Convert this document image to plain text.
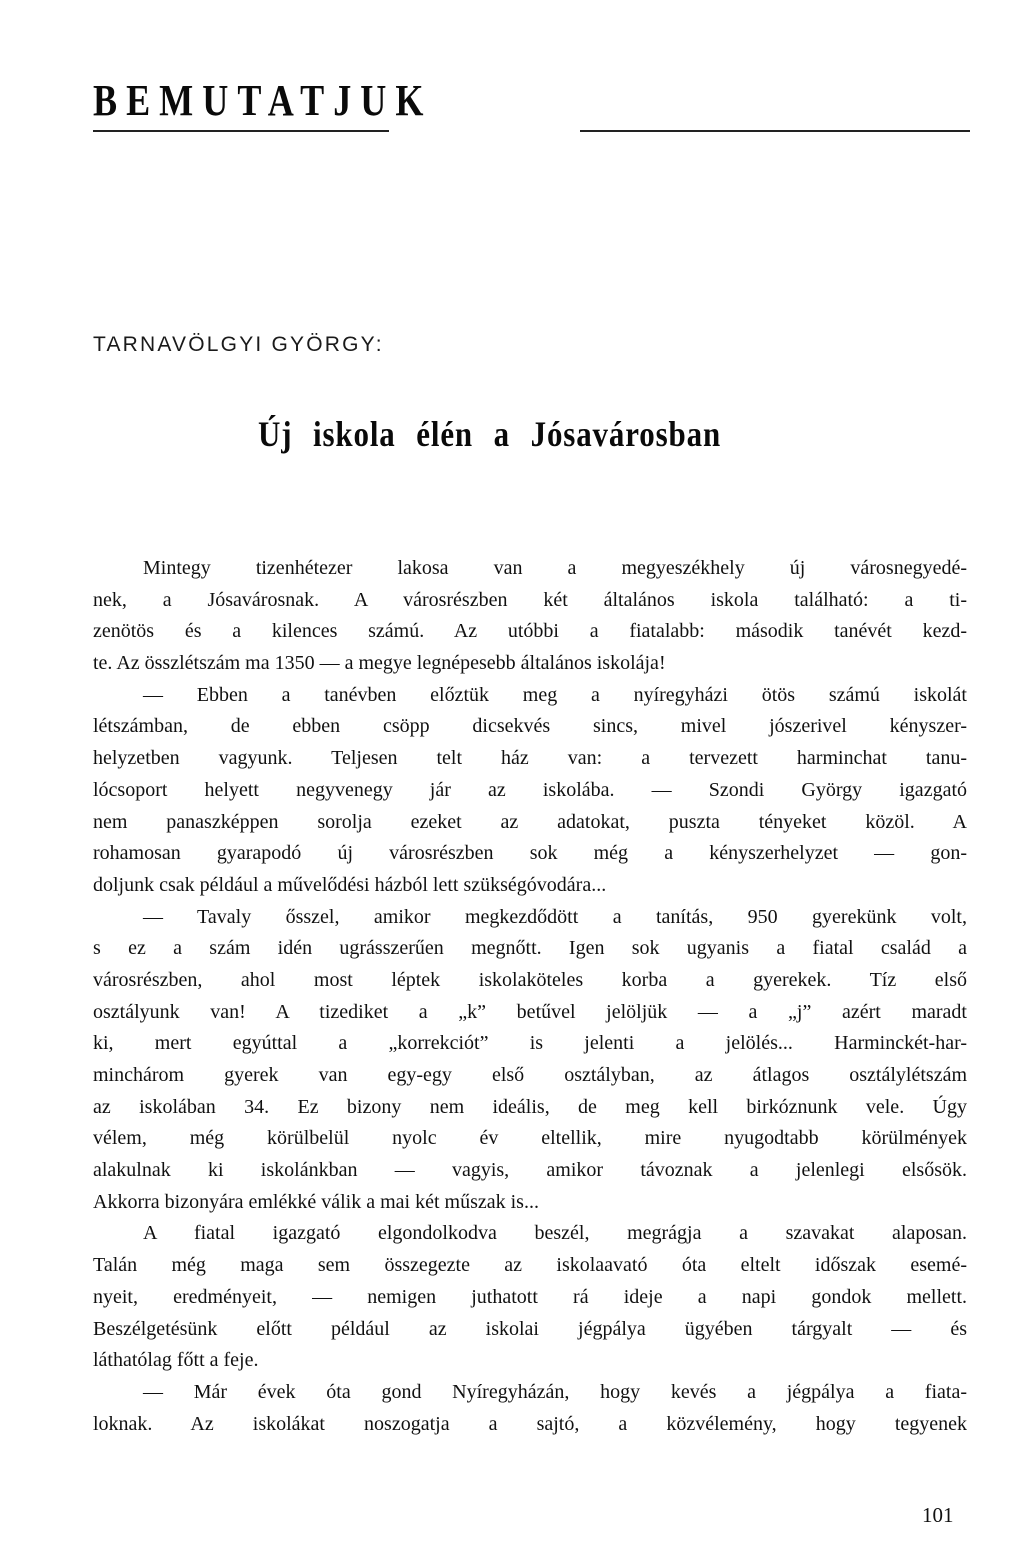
BEMUTATJUK
TARNAVÖLGYI GYÖRGY:
Új iskola élén a Jósavárosban
Mintegy tizenhétezer lakosa van a megyeszékhely új városnegyedé-
nek, a Jósavárosnak. A városrészben két általános iskola található: a ti-
zenötös és a kilences számú. Az utóbbi a fiatalabb: második tanévét kezd-
te. Az összlétszám ma 1350 — a megye legnépesebb általános iskolája!
— Ebben a tanévben előztük meg a nyíregyházi ötös számú iskolát
létszámban, de ebben csöpp dicsekvés sincs, mivel jószerivel kényszer-
helyzetben vagyunk. Teljesen telt ház van: a tervezett harminchat tanu-
lócsoport helyett negyvenegy jár az iskolába. — Szondi György igazgató
nem panaszképpen sorolja ezeket az adatokat, puszta tényeket közöl. A
rohamosan gyarapodó új városrészben sok még a kényszerhelyzet — gon-
doljunk csak például a művelődési házból lett szükségóvodára...
— Tavaly ősszel, amikor megkezdődött a tanítás, 950 gyerekünk volt,
s ez a szám idén ugrásszerűen megnőtt. Igen sok ugyanis a fiatal család a
városrészben, ahol most léptek iskolaköteles korba a gyerekek. Tíz első
osztályunk van! A tizediket a „k” betűvel jelöljük — a „j” azért maradt
ki, mert egyúttal a „korrekciót” is jelenti a jelölés... Harminckét-har-
minchárom gyerek van egy-egy első osztályban, az átlagos osztálylétszám
az iskolában 34. Ez bizony nem ideális, de meg kell birkóznunk vele. Úgy
vélem, még körülbelül nyolc év eltellik, mire nyugodtabb körülmények
alakulnak ki iskolánkban — vagyis, amikor távoznak a jelenlegi elsősök.
Akkorra bizonyára emlékké válik a mai két műszak is...
A fiatal igazgató elgondolkodva beszél, megrágja a szavakat alaposan.
Talán még maga sem összegezte az iskolaavató óta eltelt időszak esemé-
nyeit, eredményeit, — nemigen juthatott rá ideje a napi gondok mellett.
Beszélgetésünk előtt például az iskolai jégpálya ügyében tárgyalt — és
láthatólag főtt a feje.
— Már évek óta gond Nyíregyházán, hogy kevés a jégpálya a fiata-
loknak. Az iskolákat noszogatja a sajtó, a közvélemény, hogy tegyenek
101
